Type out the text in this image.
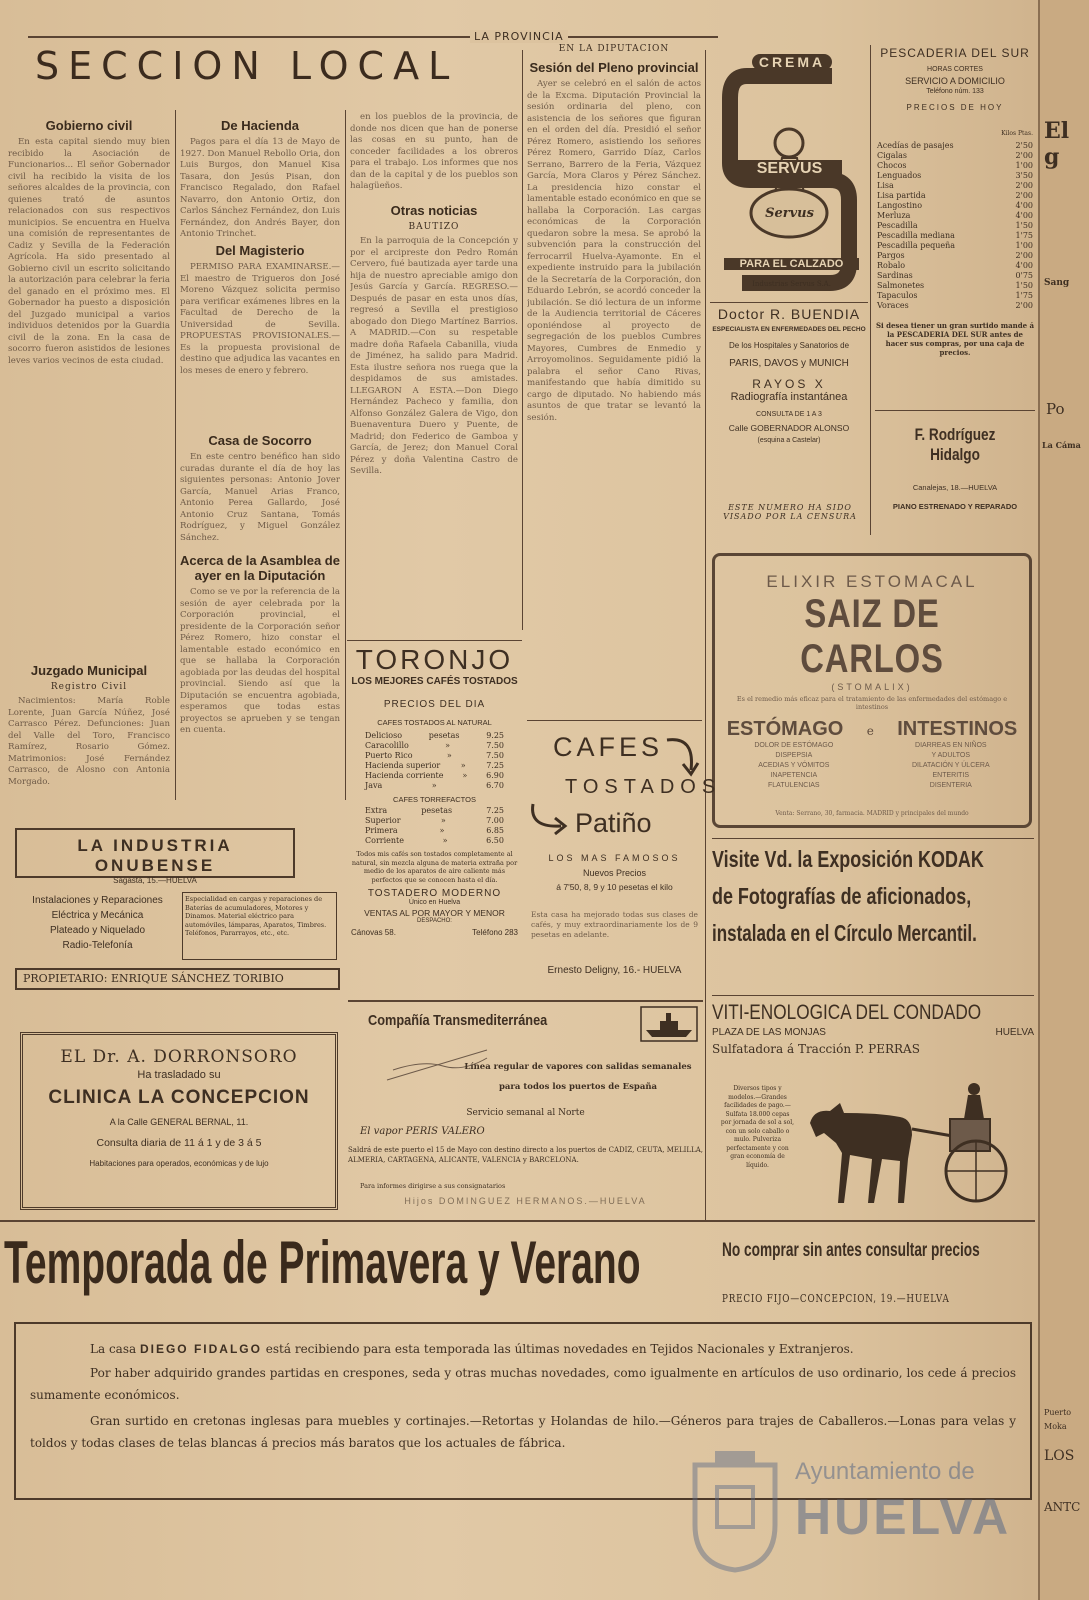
LA PROVINCIA
SECCION LOCAL
Gobierno civil

En esta capital siendo muy bien recibido la Asociación de Funcionarios... El señor Gobernador civil ha recibido la visita de los señores alcaldes de la provincia, con quienes trató de asuntos relacionados con sus respectivos municipios. Se encuentra en Huelva una comisión de representantes de Cadiz y Sevilla de la Federación Agrícola. Ha sido presentado al Gobierno civil un escrito solicitando la autorización para celebrar la feria del ganado en el próximo mes. El Gobernador ha puesto a disposición del Juzgado municipal a varios individuos detenidos por la Guardia civil de la zona. En la casa de socorro fueron asistidos de lesiones leves varios vecinos de esta ciudad.

Juzgado Municipal
Registro Civil

Nacimientos: María Roble Lorente, Juan García Núñez, José Carrasco Pérez. Defunciones: Juan del Valle del Toro, Francisco Ramírez, Rosario Gómez. Matrimonios: José Fernández Carrasco, de Alosno con Antonia Morgado.

De Hacienda

Pagos para el día 13 de Mayo de 1927. Don Manuel Rebollo Oria, don Luis Burgos, don Manuel Kisa Tasara, don Jesús Pisan, don Francisco Regalado, don Rafael Navarro, don Antonio Ortiz, don Carlos Sánchez Fernández, don Luis Fernández, don Andrés Bayer, don Antonio Trinchet.

Del Magisterio

PERMISO PARA EXAMINARSE.—El maestro de Trigueros don José Moreno Vázquez solicita permiso para verificar exámenes libres en la Facultad de Derecho de la Universidad de Sevilla. PROPUESTAS PROVISIONALES.—Es la propuesta provisional de destino que adjudica las vacantes en los meses de enero y febrero.

Casa de Socorro

En este centro benéfico han sido curadas durante el día de hoy las siguientes personas: Antonio Jover García, Manuel Arias Franco, Antonio Perea Gallardo, José Antonio Cruz Santana, Tomás Rodríguez, y Miguel González Sánchez.

Acerca de la Asamblea de ayer en la Diputación

Como se ve por la referencia de la sesión de ayer celebrada por la Corporación provincial, el presidente de la Corporación señor Pérez Romero, hizo constar el lamentable estado económico en que se hallaba la Corporación agobiada por las deudas del hospital provincial. Siendo así que la Diputación se encuentra agobiada, esperamos que todas estas proyectos se aprueben y se tengan en cuenta.

en los pueblos de la provincia, de donde nos dicen que han de ponerse las cosas en su punto, han de conceder facilidades a los obreros para el trabajo. Los informes que nos dan de la capital y de los pueblos son halagüeños.

Otras noticias
BAUTIZO

En la parroquia de la Concepción y por el arcipreste don Pedro Román Cervero, fué bautizada ayer tarde una hija de nuestro apreciable amigo don Jesús García y García. REGRESO.—Después de pasar en esta unos días, regresó a Sevilla el prestigioso abogado don Diego Martínez Barrios. A MADRID.—Con su respetable madre doña Rafaela Cabanilla, viuda de Jiménez, ha salido para Madrid. Esta ilustre señora nos ruega que la despidamos de sus amistades. LLEGARON A ESTA.—Don Diego Hernández Pacheco y familia, don Alfonso González Galera de Vigo, don Buenaventura Duero y Puente, de Madrid; don Federico de Gamboa y García, de Jerez; don Manuel Coral Pérez y doña Valentina Castro de Sevilla.

EN LA DIPUTACION
Sesión del Pleno provincial

Ayer se celebró en el salón de actos de la Excma. Diputación Provincial la sesión ordinaria del pleno, con asistencia de los señores que figuran en el orden del día. Presidió el señor Pérez Romero, asistiendo los señores Pérez Romero, Garrido Díaz, Carlos Serrano, Barrero de la Feria, Vázquez García, Mora Claros y Pérez Sánchez. La presidencia hizo constar el lamentable estado económico en que se hallaba la Corporación. Las cargas económicas de la Corporación quedaron sobre la mesa. Se aprobó la subvención para la construcción del ferrocarril Huelva-Ayamonte. En el expediente instruido para la jubilación de la Secretaría de la Corporación, don Eduardo Lebrón, se acordó conceder la jubilación. Se dió lectura de un informe de la Audiencia territorial de Cáceres oponiéndose al proyecto de segregación de los pueblos Cumbres Mayores, Cumbres de Enmedio y Arroyomolinos. Seguidamente pidió la palabra el señor Cano Rivas, manifestando que había dimitido su cargo de diputado. No habiendo más asuntos de que tratar se levantó la sesión.

CREMA
SERVUS
Servus
PARA EL CALZADO
Industrias Servus S.A.
Doctor R. BUENDIA
ESPECIALISTA EN ENFERMEDADES DEL PECHO
De los Hospitales y Sanatorios de
PARIS, DAVOS y MUNICH
RAYOS X
Radiografía instantánea
CONSULTA DE 1 A 3
Calle GOBERNADOR ALONSO
(esquina a Castelar)
ESTE NUMERO HA SIDO VISADO POR LA CENSURA
PESCADERIA DEL SUR
HORAS CORTES
SERVICIO A DOMICILIO
Teléfono núm. 133
PRECIOS DE HOY
Kilos Ptas.
Acedías de pasajes	2'50
Cigalas	2'00
Chocos	1'00
Lenguados	3'50
Lisa	2'00
Lisa partida	2'00
Langostino	4'00
Merluza	4'00
Pescadilla	1'50
Pescadilla mediana	1'75
Pescadilla pequeña	1'00
Pargos	2'00
Robalo	4'00
Sardinas	0'75
Salmonetes	1'50
Tapaculos	1'75
Voraces	2'00
Si desea tiener un gran surtido mande á la PESCADERIA DEL SUR antes de hacer sus compras, por una caja de precios.
F. Rodríguez Hidalgo
Canalejas, 18.—HUELVA
PIANO ESTRENADO Y REPARADO
ELIXIR ESTOMACAL
SAIZ DE CARLOS
(STOMALIX)
Es el remedio más eficaz para el tratamiento de las enfermedades del estómago e intestinos
ESTÓMAGO e INTESTINOS
DOLOR DE ESTÓMAGO
DISPEPSIA
ACEDIAS Y VÓMITOS
INAPETENCIA
FLATULENCIAS
DIARREAS EN NIÑOS
Y ADULTOS
DILATACIÓN Y ÚLCERA
ENTERITIS
DISENTERIA
Venta: Serrano, 30, farmacia. MADRID y principales del mundo
Visite Vd. la Exposición KODAK
de Fotografías de aficionados,
instalada en el Círculo Mercantil.
TORONJO
LOS MEJORES CAFÉS TOSTADOS
PRECIOS DEL DIA
CAFES TOSTADOS AL NATURAL
Delicioso	pesetas	9.25
Caracolillo	»	7.50
Puerto Rico	»	7.50
Hacienda superior	»	7.25
Hacienda corriente » 6.90
Java	»	6.70
CAFES TORREFACTOS
Extra	pesetas	7.25
Superior	»	7.00
Primera	»	6.85
Corriente	»	6.50
Todos mis cafés son tostados completamente al natural, sin mezcla alguna de materia extraña por medio de los aparatos de aire caliente más perfectos que se conocen hasta el día.
TOSTADERO MODERNO
Único en Huelva
VENTAS AL POR MAYOR Y MENOR
DESPACHO:
Cánovas 58.	Teléfono 283
CAFES
TOSTADOS
Patiño
LOS MAS FAMOSOS
Nuevos Precios
á 7'50, 8, 9 y 10 pesetas el kilo
Esta casa ha mejorado todas sus clases de cafés, y muy extraordinariamente los de 9 pesetas en adelante.
Ernesto Deligny, 16.- HUELVA
LA INDUSTRIA ONUBENSE
Sagasta, 15.—HUELVA
Instalaciones y Reparaciones
Eléctrica y Mecánica
Plateado y Niquelado
Radio-Telefonía
Especialidad en cargas y reparaciones de Baterías de acumuladores, Motores y Dinamos. Material eléctrico para automóviles, lámparas, Aparatos, Timbres. Teléfonos, Pararrayos, etc., etc.
PROPIETARIO: ENRIQUE SÁNCHEZ TORIBIO
EL Dr. A. DORRONSORO
Ha trasladado su
CLINICA LA CONCEPCION
A la Calle GENERAL BERNAL, 11.
Consulta diaria de 11 á 1 y de 3 á 5
Habitaciones para operados, económicas y de lujo
Compañía Transmediterránea
Línea regular de vapores con salidas semanales
para todos los puertos de España
Servicio semanal al Norte
El vapor PERIS VALERO
Saldrá de este puerto el 15 de Mayo con destino directo a los puertos de CADIZ, CEUTA, MELILLA, ALMERIA, CARTAGENA, ALICANTE, VALENCIA y BARCELONA.
Para informes dirigirse a sus consignatarios
Hijos DOMINGUEZ HERMANOS.—HUELVA
VITI-ENOLOGICA DEL CONDADO
PLAZA DE LAS MONJAS	HUELVA
Sulfatadora á Tracción P. PERRAS
Diversos tipos y modelos.—Grandes facilidades de pago.—Sulfata 18.000 cepas por jornada de sol a sol, con un solo caballo o mulo. Pulveriza perfectamente y con gran economía de líquido.
Temporada de Primavera y Verano	No comprar sin antes consultar precios
PRECIO FIJO—CONCEPCION, 19.—HUELVA
La casa DIEGO FIDALGO está recibiendo para esta temporada las últimas novedades en Tejidos Nacionales y Extranjeros.
Por haber adquirido grandes partidas en crespones, seda y otras muchas novedades, como igualmente en artículos de uso ordinario, los cede á precios sumamente económicos.
Gran surtido en cretonas inglesas para muebles y cortinajes.—Retortas y Holandas de hilo.—Géneros para trajes de Caballeros.—Lonas para velas y toldos y todas clases de telas blancas á precios más baratos que los actuales de fábrica.
El g
Sang
Po
La Cáma
Puerto
Moka
LOS
ANTC
Ayuntamiento de
HUELVA
